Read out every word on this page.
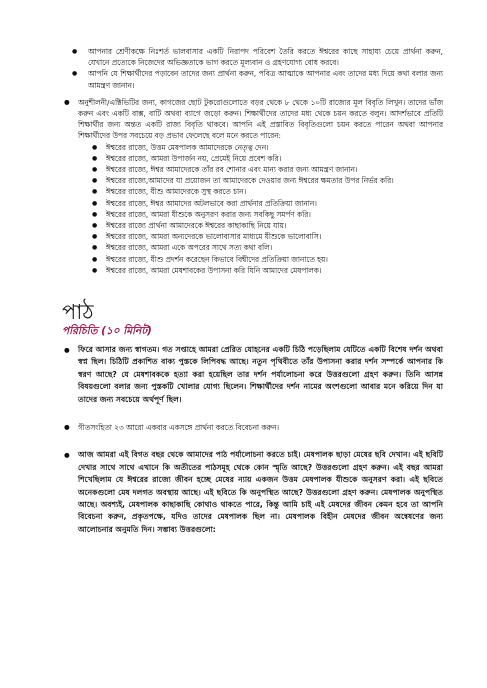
● আপনার শ্রেণীকক্ষে নিঃশর্ত ভালবাসার একটি নিরাপদ পরিবেশ তৈরি করতে ঈশ্বরের কাছে সাহায্য চেয়ে প্রার্থনা করুন, যেখানে প্রত্যেকে নিজেদের অভিজ্ঞতাকে ভাগ করতে মূল্যবান ও গ্রহণযোগ্য বোধ করবে।
● আপনি যে শিক্ষার্থীদের পড়াবেন তাদের জন্য প্রার্থনা করুন, পবিত্র আত্মাকে আপনার এবং তাদের মধ্য দিয়ে কথা বলার জন্য আমন্ত্রণ জানান।

● অনুশীলনী/এক্টিভিটির জন্য, কাগজের ছোট টুকরোগুলোতে বড়র থেকে ৮ থেকে ১০টি রাজ্যের মূল বিবৃতি লিখুন। তাদের ভাঁজ করুন এবং একটি বাক্স, বাটি অথবা ব্যাগে জড়ো করুন। শিক্ষার্থীদের তাদের মধ্য থেকে চয়ন করতে বলুন। আদর্শভাবে প্রতিটি শিক্ষার্থীর জন্য অন্তত একটি রাজ্য বিবৃতি থাকবে। আপনি এই প্রস্তাবিত বিবৃতিগুলো চয়ন করতে পারেন অথবা আপনার শিক্ষার্থীদের উপর সবচেয়ে বড় প্রভাব ফেলেছে বলে মনে করতে পারেন:

● ঈশ্বরের রাজ্যে, উত্তম মেষপালক আমাদেরকে নেতৃত্ব দেন।
● ঈশ্বরের রাজ্যে, আমরা উপার্জন নয়, প্রেমেই নিয়ে প্রবেশ করি।
● ঈশ্বরের রাজ্যে, ঈশ্বর আমাদেরকে তাঁর রব শোনার এবং মান্য করার জন্য আমন্ত্রণ জানান।
● ঈশ্বরের রাজ্যে,আমাদের যা প্রয়োজন তা আমাদেরকে দেওয়ার জন্য ঈশ্বরের ক্ষমতার উপর নির্ভর করি।
● ঈশ্বরের রাজ্যে, যীশু আমাদেরকে সুস্থ করতে চান।
● ঈশ্বরের রাজ্যে, ঈশ্বর আমাদের অটলভাবে করা প্রার্থনার প্রতিক্রিয়া জানান।
● ঈশ্বরের রাজ্যে, আমরা যীশুকে অনুসরণ করার জন্য সবকিছু সমর্পণ করি।
● ঈশ্বরের রাজ্যে প্রার্থনা আমাদেরকে ঈশ্বরের কাছাকাছি নিয়ে যায়।
● ঈশ্বরের রাজ্যে, আমরা অন্যদেরকে ভালোবাসার মাধ্যমে যীশুকে ভালোবাসি।
● ঈশ্বরের রাজ্যে, আমরা একে অপরের সাথে সত্য কথা বলি।
● ঈশ্বরের রাজ্যে, যীশু প্রদর্শন করেছেন কিভাবে বিশ্বীদের প্রতিক্রিয়া জানাতে হয়।
● ঈশ্বরের রাজ্যে, আমরা মেষশাবকের উপাসনা করি যিনি আমাদের মেষপালক।
পাঠ
পরিচিতি (১০ মিনিট)
● ফিরে আসার জন্য স্বাগতম। গত সপ্তাহে আমরা প্রেরিত যোহনের একটি চিঠি পড়েছিলাম যেটিতে একটি বিশেষ দর্শন অথবা স্বপ্ন ছিল। চিঠিটি প্রকাশিত বাক্য পুস্তকে লিপিবদ্ধ আছে। নতুন পৃথিবীতে তাঁর উপাসনা করার দর্শন সম্পর্কে আপনার কি স্বরণ আছে? যে মেষশাবককে হত্যা করা হয়েছিল তার দর্শন পর্যালোচনা করে উত্তরগুলো গ্রহণ করুন। তিনি আসন্ন বিষয়গুলো বলার জন্য পুস্তকটি খোলার যোগ্য ছিলেন। শিক্ষার্থীদের দর্শন নামের অংশগুলো আবার মনে করিয়ে দিন যা তাদের জন্য সবচেয়ে অর্থপূর্ণ ছিল।
● গীতসংহিতা ২৩ আরো একবার একসঙ্গে প্রার্থনা করতে বিবেচনা করুন।
● আজ আমরা এই বিগত বছর থেকে আমাদের পাঠ পর্যালোচনা করতে চাই। মেষপালক ছাড়া মেষের ছবি দেখান। এই ছবিটি দেখার সাথে সাথে এখানে কি অতীতের পাঠসমূহ থেকে কোন স্মৃতি আছে? উত্তরগুলো গ্রহণ করুন। এই বছর আমরা শিখেছিলাম যে ঈশ্বরের রাজ্যে জীবন হচ্ছে মেষের ন্যায় একজন উত্তম মেষপালক যীশুকে অনুসরণ করা। এই ছবিতে অনেকগুলো মেষ দলগত অবস্থায় আছে। এই ছবিতে কি অনুপস্থিত আছে? উত্তরগুলো গ্রহণ করুন। মেষপালক অনুপস্থিত আছে। অবশ্যই, মেষপালক কাছাকাছি কোথাও থাকতে পারে, কিন্তু আমি চাই এই মেষদের জীবন কেমন হবে তা আপনি বিবেচনা করুন, প্রকৃতপক্ষে, যদিও তাদের মেষপালক ছিল না। মেষপালক বিহীন মেষদের জীবন অন্বেষণের জন্য আলোচনার অনুমতি দিন। সম্ভাব্য উত্তরগুলো:
